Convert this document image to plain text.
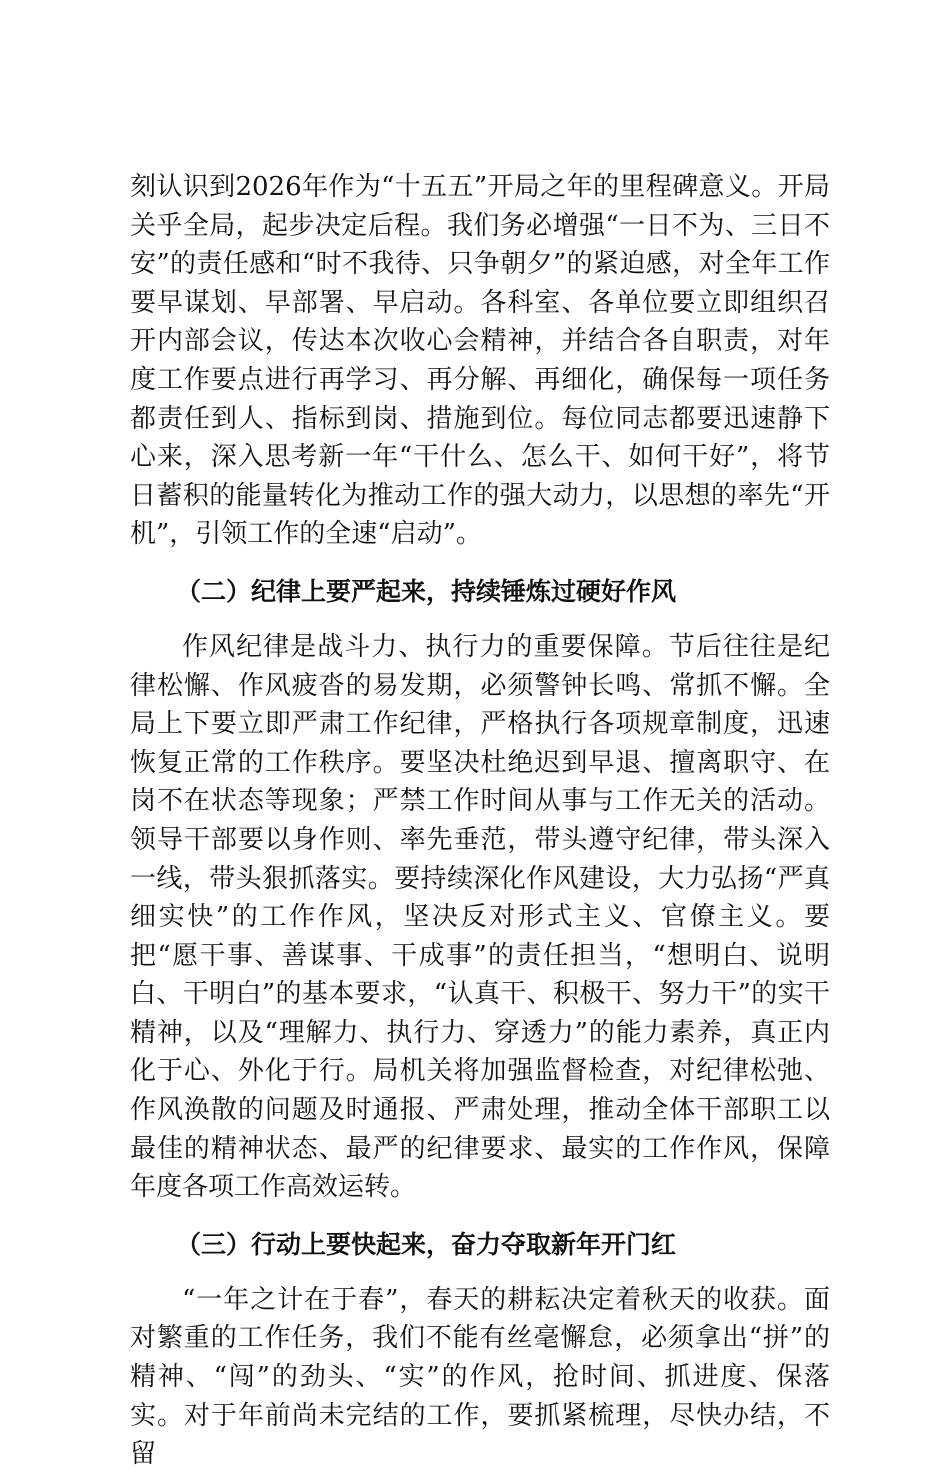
刻认识到2026年作为“十五五”开局之年的里程碑意义。开局关乎全局，起步决定后程。我们务必增强“一日不为、三日不安”的责任感和“时不我待、只争朝夕”的紧迫感，对全年工作要早谋划、早部署、早启动。各科室、各单位要立即组织召开内部会议，传达本次收心会精神，并结合各自职责，对年度工作要点进行再学习、再分解、再细化，确保每一项任务都责任到人、指标到岗、措施到位。每位同志都要迅速静下心来，深入思考新一年“干什么、怎么干、如何干好”，将节日蓄积的能量转化为推动工作的强大动力，以思想的率先“开机”，引领工作的全速“启动”。

（二）纪律上要严起来，持续锤炼过硬好作风

作风纪律是战斗力、执行力的重要保障。节后往往是纪律松懈、作风疲沓的易发期，必须警钟长鸣、常抓不懈。全局上下要立即严肃工作纪律，严格执行各项规章制度，迅速恢复正常的工作秩序。要坚决杜绝迟到早退、擅离职守、在岗不在状态等现象；严禁工作时间从事与工作无关的活动。领导干部要以身作则、率先垂范，带头遵守纪律，带头深入一线，带头狠抓落实。要持续深化作风建设，大力弘扬“严真细实快”的工作作风，坚决反对形式主义、官僚主义。要把“愿干事、善谋事、干成事”的责任担当，“想明白、说明白、干明白”的基本要求，“认真干、积极干、努力干”的实干精神，以及“理解力、执行力、穿透力”的能力素养，真正内化于心、外化于行。局机关将加强监督检查，对纪律松弛、作风涣散的问题及时通报、严肃处理，推动全体干部职工以最佳的精神状态、最严的纪律要求、最实的工作作风，保障年度各项工作高效运转。

（三）行动上要快起来，奋力夺取新年开门红

“一年之计在于春”，春天的耕耘决定着秋天的收获。面对繁重的工作任务，我们不能有丝毫懈怠，必须拿出“拼”的精神、“闯”的劲头、“实”的作风，抢时间、抓进度、保落实。对于年前尚未完结的工作，要抓紧梳理，尽快办结，不留
